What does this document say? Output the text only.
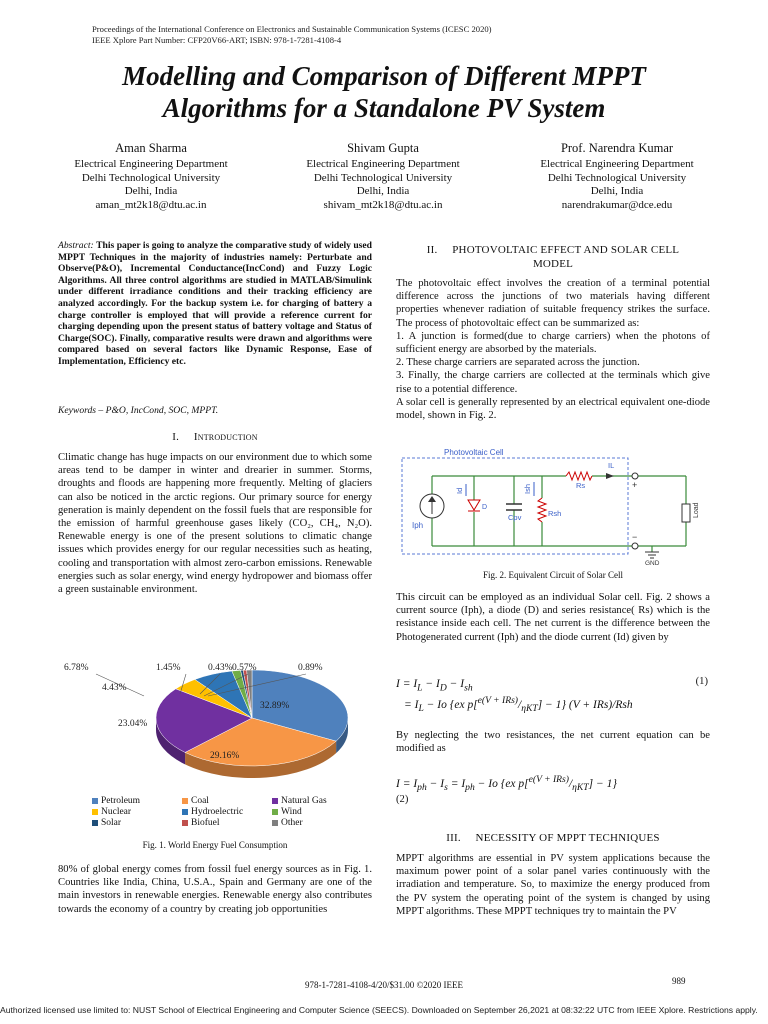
Proceedings of the International Conference on Electronics and Sustainable Communication Systems (ICESC 2020)
IEEE Xplore Part Number: CFP20V66-ART; ISBN: 978-1-7281-4108-4
Modelling and Comparison of Different MPPT
Algorithms for a Standalone PV System
Aman Sharma
Electrical Engineering Department
Delhi Technological University
Delhi, India
aman_mt2k18@dtu.ac.in
Shivam Gupta
Electrical Engineering Department
Delhi Technological University
Delhi, India
shivam_mt2k18@dtu.ac.in
Prof. Narendra Kumar
Electrical Engineering Department
Delhi Technological University
Delhi, India
narendrakumar@dce.edu
Abstract: This paper is going to analyze the comparative study of widely used MPPT Techniques in the majority of industries namely: Perturbate and Observe(P&O), Incremental Conductance(IncCond) and Fuzzy Logic Algorithms. All three control algorithms are studied in MATLAB/Simulink under different irradiance conditions and their tracking efficiency are analyzed accordingly. For the backup system i.e. for charging of battery a charge controller is employed that will provide a reference current for charging depending upon the present status of battery voltage and Status of Charge(SOC). Finally, comparative results were drawn and algorithms were compared based on several factors like Dynamic Response, Ease of Implementation, Efficiency etc.
Keywords – P&O, IncCond, SOC, MPPT.
I. Introduction
Climatic change has huge impacts on our environment due to which some areas tend to be damper in winter and drearier in summer. Storms, droughts and floods are happening more frequently. Melting of glaciers can also be noticed in the arctic regions. Our primary source for energy generation is mainly dependent on the fossil fuels that are responsible for the emission of harmful greenhouse gases likely (CO₂, CH₄, N₂O). Renewable energy is one of the present solutions to climatic change issues which provides energy for our regular necessities such as heating, cooling and transportation with almost zero-carbon emissions. Renewable energies such as solar energy, wind energy hydropower and biomass offer a green sustainable environment.
32.89%
29.16%
23.04%
4.43%
6.78%	1.45%	0.43% 0.57%	0.89%
Petroleum	Coal	Natural Gas
Nuclear	Hydroelectric	Wind
Solar	Biofuel	Other
Fig. 1. World Energy Fuel Consumption
80% of global energy comes from fossil fuel energy sources as in Fig. 1. Countries like India, China, U.S.A., Spain and Germany are one of the main investors in renewable energies. Renewable energy also contributes towards the economy of a country by creating job opportunities
II. PHOTOVOLTAIC EFFECT AND SOLAR CELL
MODEL
The photovoltaic effect involves the creation of a terminal potential difference across the junctions of two materials having different properties whenever radiation of suitable frequency strikes the surface. The process of photovoltaic effect can be summarized as:
1. A junction is formed(due to charge carriers) when the photons of sufficient energy are absorbed by the materials.
2. These charge carriers are separated across the junction.
3. Finally, the charge carriers are collected at the terminals which give rise to a potential difference.
A solar cell is generally represented by an electrical equivalent one-diode model, shown in Fig. 2.
Photovoltaic Cell
Iph
D
Id
Cpv	Rsh
Ish	Rs
IL
+
−
Load
GND
Fig. 2. Equivalent Circuit of Solar Cell
This circuit can be employed as an individual Solar cell. Fig. 2 shows a current source (Iph), a diode (D) and series resistance( Rs) which is the resistance inside each cell. The net current is the difference between the Photogenerated current (Iph) and the diode current (Id) given by
$I = I_L - I_D - I_{sh}$
= $I_L - Io$ {ex $p[^{e(V + IRs)}/_{\eta KT}] - 1$} (V + IRs)/Rsh
(1)
By neglecting the two resistances, the net current equation can be modified as
$I = I_{ph} - I_s = I_{ph} - Io$ {ex $p[^{e(V + IRs)}/_{\eta KT}] - 1$}
(2)
III. NECESSITY OF MPPT TECHNIQUES
MPPT algorithms are essential in PV system applications because the maximum power point of a solar panel varies continuously with the irradiation and temperature. So, to maximize the energy produced from the PV system the operating point of the system is changed by using MPPT algorithms. These MPPT techniques try to maintain the PV
978-1-7281-4108-4/20/$31.00 ©2020 IEEE	989
Authorized licensed use limited to: NUST School of Electrical Engineering and Computer Science (SEECS). Downloaded on September 26,2021 at 08:32:22 UTC from IEEE Xplore. Restrictions apply.
